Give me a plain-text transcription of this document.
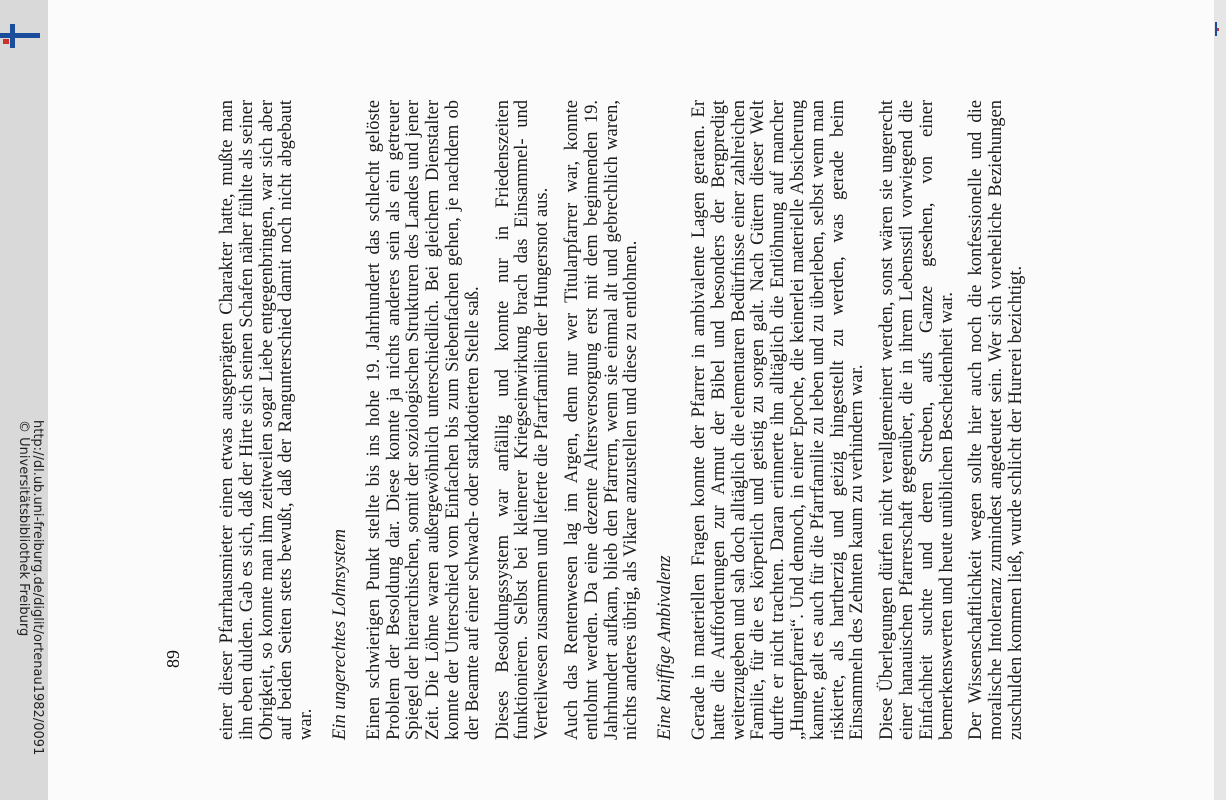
http://dl.ub.uni-freiburg.de/diglit/ortenau1982/0091
© Universitätsbibliothek Freiburg	einer dieser Pfarrhausmieter einen etwas ausgeprägten Charakter hatte, mußte man ihn eben dulden. Gab es sich, daß der Hirte sich seinen Schafen näher fühlte als seiner Obrigkeit, so konnte man ihm zeitweilen sogar Liebe entgegenbringen, war sich aber auf beiden Seiten stets bewußt, daß der Rangunterschied damit noch nicht abgebaut war. Ein ungerechtes Lohnsystem Einen schwierigen Punkt stellte bis ins hohe 19. Jahrhundert das schlecht gelöste Problem der Besoldung dar. Diese konnte ja nichts anderes sein als ein getreuer Spiegel der hierarchischen, somit der soziologischen Strukturen des Landes und jener Zeit. Die Löhne waren außergewöhnlich unterschiedlich. Bei gleichem Dienstalter konnte der Unterschied vom Einfachen bis zum Siebenfachen gehen, je nachdem ob der Beamte auf einer schwach- oder starkdotierten Stelle saß. Dieses Besoldungssystem war anfällig und konnte nur in Friedenszeiten funktionieren. Selbst bei kleinerer Kriegseinwirkung brach das Einsammel- und Verteilwesen zusammen und lieferte die Pfarrfamilien der Hungersnot aus. Auch das Rentenwesen lag im Argen, denn nur wer Titularpfarrer war, konnte entlohnt werden. Da eine dezente Altersversorgung erst mit dem beginnenden 19. Jahrhundert aufkam, blieb den Pfarrern, wenn sie einmal alt und gebrechlich waren, nichts anderes übrig, als Vikare anzustellen und diese zu entlohnen. Eine kniffige Ambivalenz Gerade in materiellen Fragen konnte der Pfarrer in ambivalente Lagen geraten. Er hatte die Aufforderungen zur Armut der Bibel und besonders der Bergpredigt weiterzugeben und sah doch alltäglich die elementaren Bedürfnisse einer zahlreichen Familie, für die es körperlich und geistig zu sorgen galt. Nach Gütern dieser Welt durfte er nicht trachten. Daran erinnerte ihn alltäglich die Entlöhnung auf mancher „Hungerpfarrei“. Und dennoch, in einer Epoche, die keinerlei materielle Absicherung kannte, galt es auch für die Pfarrfamilie zu leben und zu überleben, selbst wenn man riskierte, als hartherzig und geizig hingestellt zu werden, was gerade beim Einsammeln des Zehnten kaum zu verhindern war. Diese Überlegungen dürfen nicht verallgemeinert werden, sonst wären sie ungerecht einer hanauischen Pfarrerschaft gegenüber, die in ihrem Lebensstil vorwiegend die Einfachheit suchte und deren Streben, aufs Ganze gesehen, von einer bemerkenswerten und heute unüblichen Bescheidenheit war. Der Wissenschaftlichkeit wegen sollte hier auch noch die konfessionelle und die moralische Intoleranz zumindest angedeutet sein. Wer sich voreheliche Beziehungen zuschulden kommen ließ, wurde schlicht der Hurerei bezichtigt.

89
